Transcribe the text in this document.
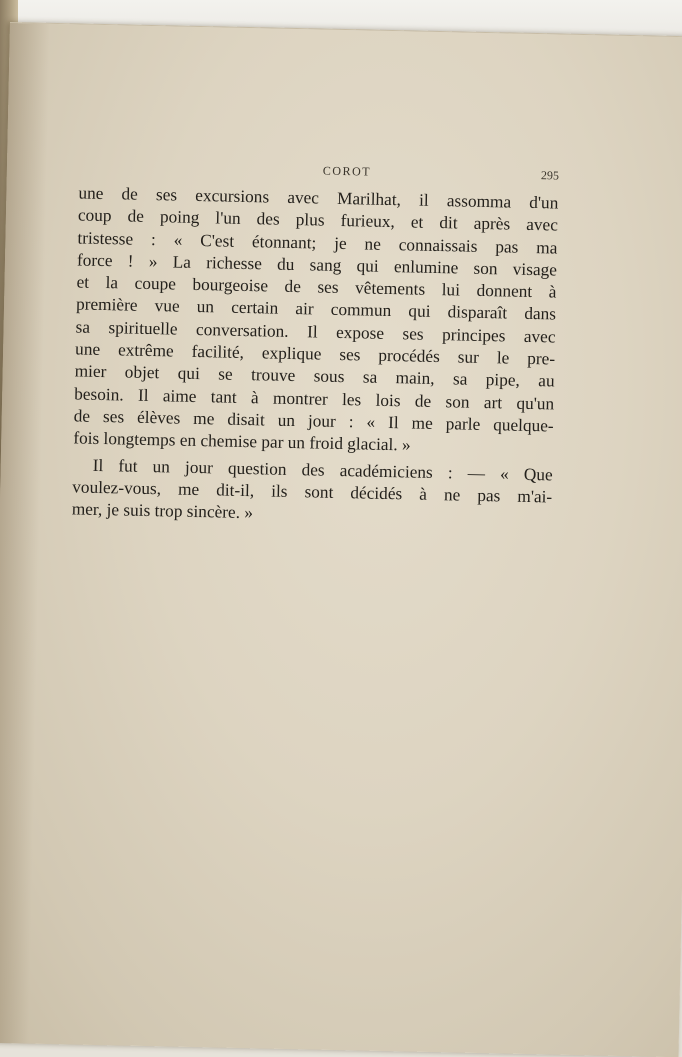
COROT	295
une de ses excursions avec Marilhat, il assomma d'un
coup de poing l'un des plus furieux, et dit après avec
tristesse : « C'est étonnant; je ne connaissais pas ma
force ! » La richesse du sang qui enlumine son visage
et la coupe bourgeoise de ses vêtements lui donnent à
première vue un certain air commun qui disparaît dans
sa spirituelle conversation. Il expose ses principes avec
une extrême facilité, explique ses procédés sur le pre-
mier objet qui se trouve sous sa main, sa pipe, au
besoin. Il aime tant à montrer les lois de son art qu'un
de ses élèves me disait un jour : « Il me parle quelque-
fois longtemps en chemise par un froid glacial. »
Il fut un jour question des académiciens : — « Que
voulez-vous, me dit-il, ils sont décidés à ne pas m'ai-
mer, je suis trop sincère. »
